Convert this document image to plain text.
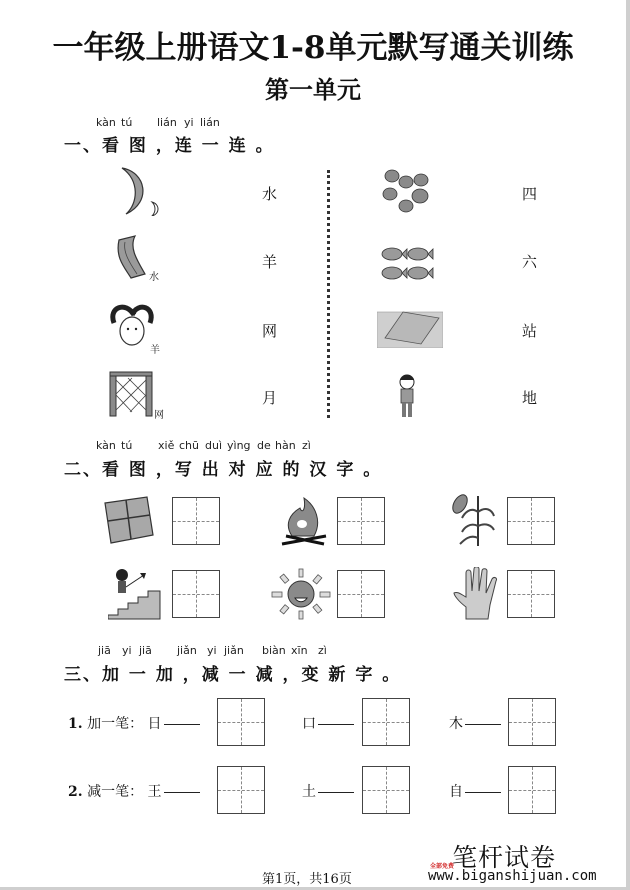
一年级上册语文1-8单元默写通关训练
第一单元
kàn tú lián yi lián
一、看 图 ，连 一 连 。
水
羊
网
水
羊
网
月
四
六
站
地
kàn tú xiě chū duì yìng de hàn zì
二、看 图 ，写 出 对 应 的 汉 字 。
jiā yi jiā jiǎn yi jiǎn biàn xīn zì
三、加 一 加 ，减 一 减 ，变 新 字 。
1. 加一笔： 日	口	木
2. 减一笔： 王	土	自
第1页，共16页
笔杆试卷
全部免费
www.biganshijuan.com
